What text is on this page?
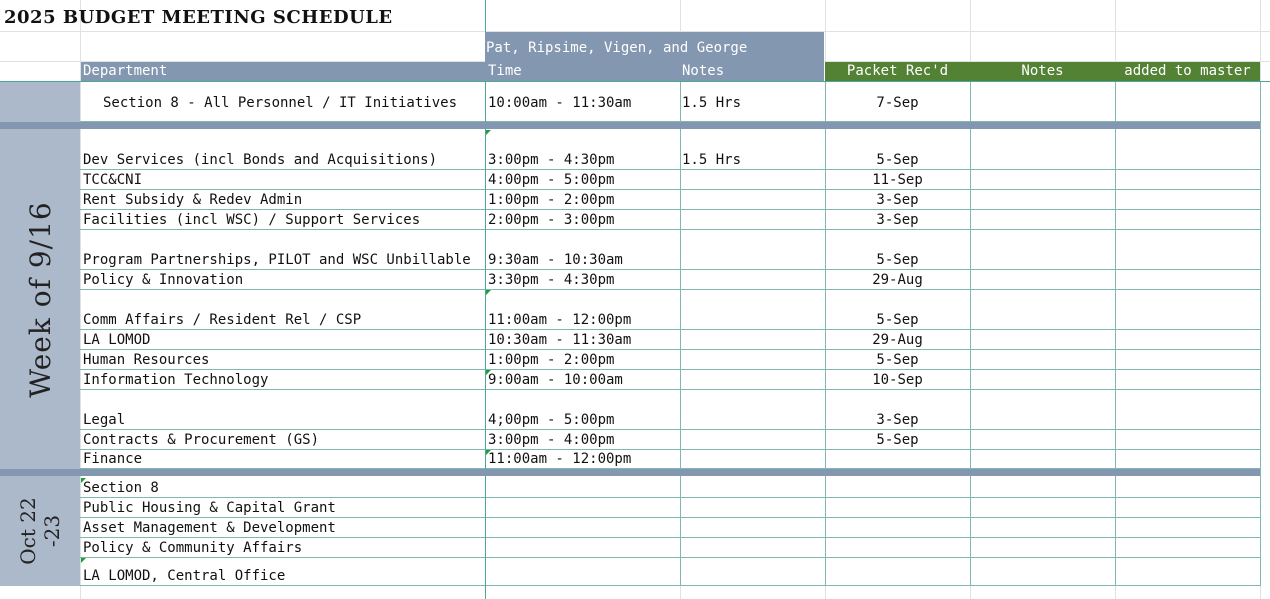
2025 BUDGET MEETING SCHEDULE
Pat, Ripsime, Vigen, and George
Department	Time	Notes	Packet Rec'd	Notes	added to master
Section 8 - All Personnel / IT Initiatives	10:00am - 11:30am	1.5 Hrs	7-Sep
Week of 9/16
Dev Services (incl Bonds and Acquisitions)	3:00pm - 4:30pm	1.5 Hrs	5-Sep
TCC&CNI	4:00pm - 5:00pm	11-Sep
Rent Subsidy & Redev Admin	1:00pm - 2:00pm	3-Sep
Facilities (incl WSC) / Support Services	2:00pm - 3:00pm	3-Sep
Program Partnerships, PILOT and WSC Unbillable	9:30am - 10:30am	5-Sep
Policy & Innovation	3:30pm - 4:30pm	29-Aug
Comm Affairs / Resident Rel / CSP	11:00am - 12:00pm	5-Sep
LA LOMOD	10:30am - 11:30am	29-Aug
Human Resources	1:00pm - 2:00pm	5-Sep
Information Technology	9:00am - 10:00am	10-Sep
Legal	4;00pm - 5:00pm	3-Sep
Contracts & Procurement (GS)	3:00pm - 4:00pm	5-Sep
Finance	11:00am - 12:00pm
Oct 22 -23
Section 8
Public Housing & Capital Grant
Asset Management & Development
Policy & Community Affairs
LA LOMOD, Central Office
